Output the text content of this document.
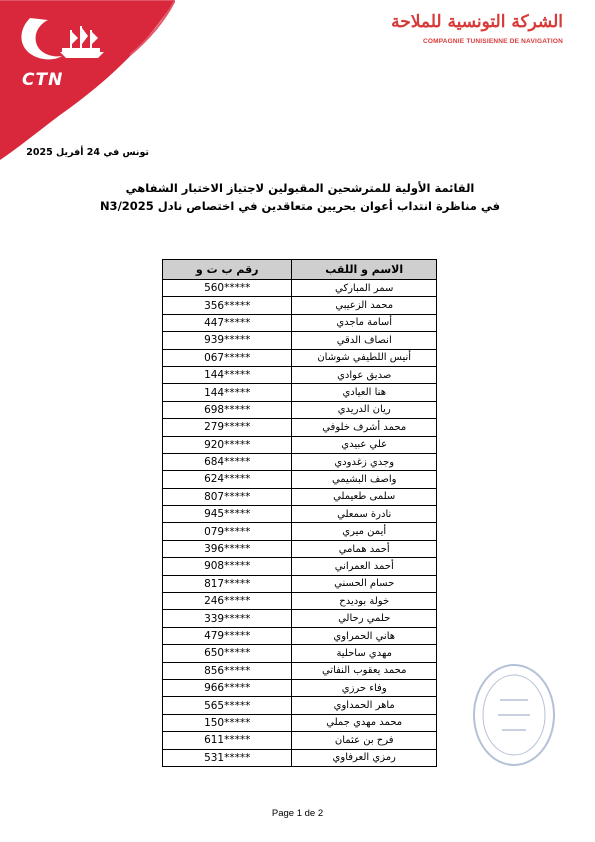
CTN
الشركة التونسية للملاحة
COMPAGNIE TUNISIENNE DE NAVIGATION
تونس في 24 أفريل 2025
القائمة الأولية للمترشحين المقبولين لاجتياز الاختبار الشفاهي
في مناظرة انتداب أعوان بحريين متعاقدين في اختصاص نادل N3/2025
الاسم و اللقب	رقم ب ت و
سمر المباركي	560*****
محمد الزعيبي	356*****
أسامة ماجدي	447*****
انصاف الدقي	939*****
أنيس اللطيفي شوشان	067*****
صديق عوادي	144*****
هنا العيادي	144*****
ريان الدريدي	698*****
محمد أشرف خلوفي	279*****
علي عبيدي	920*****
وجدي زغدودي	684*****
واصف البشيمي	624*****
سلمى طعيملي	807*****
نادرة سمعلي	945*****
أيمن ميري	079*****
أحمد همامي	396*****
أحمد العمراني	908*****
حسام الحسني	817*****
خولة بوديدح	246*****
حلمي رحالي	339*****
هاني الحمراوي	479*****
مهدي ساحلية	650*****
محمد يعقوب النفاتي	856*****
وفاء حرزي	966*****
ماهر الحمداوي	565*****
محمد مهدي جملي	150*****
فرح بن عثمان	611*****
رمزي العرفاوي	531*****
Page 1 de 2
